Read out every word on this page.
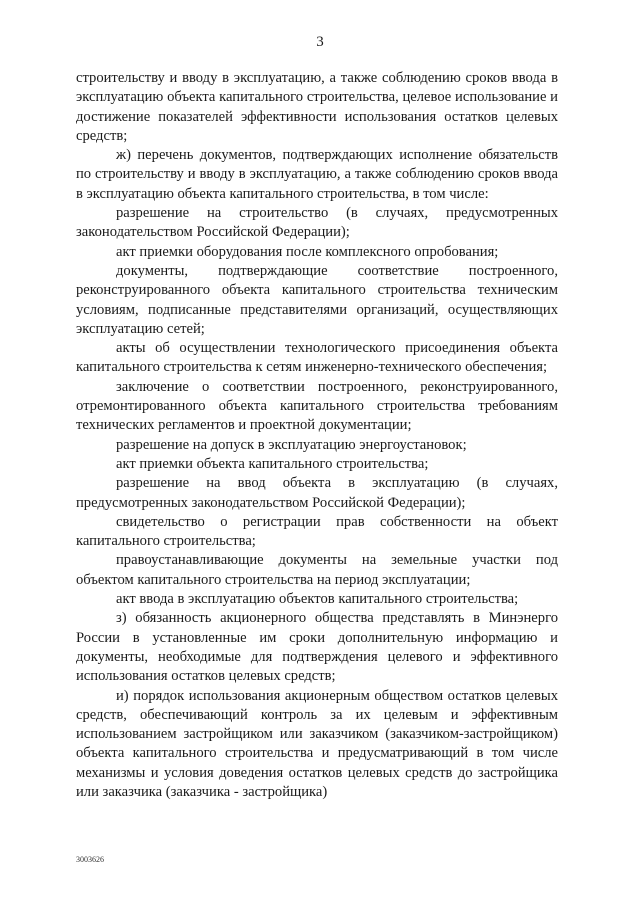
3

строительству и вводу в эксплуатацию, а также соблюдению сроков ввода в эксплуатацию объекта капитального строительства, целевое использование и достижение показателей эффективности использования остатков целевых средств;

ж) перечень документов, подтверждающих исполнение обязательств по строительству и вводу в эксплуатацию, а также соблюдению сроков ввода в эксплуатацию объекта капитального строительства, в том числе:

разрешение на строительство (в случаях, предусмотренных законодательством Российской Федерации);

акт приемки оборудования после комплексного опробования;

документы, подтверждающие соответствие построенного, реконструированного объекта капитального строительства техническим условиям, подписанные представителями организаций, осуществляющих эксплуатацию сетей;

акты об осуществлении технологического присоединения объекта капитального строительства к сетям инженерно-технического обеспечения;

заключение о соответствии построенного, реконструированного, отремонтированного объекта капитального строительства требованиям технических регламентов и проектной документации;

разрешение на допуск в эксплуатацию энергоустановок;

акт приемки объекта капитального строительства;

разрешение на ввод объекта в эксплуатацию (в случаях, предусмотренных законодательством Российской Федерации);

свидетельство о регистрации прав собственности на объект капитального строительства;

правоустанавливающие документы на земельные участки под объектом капитального строительства на период эксплуатации;

акт ввода в эксплуатацию объектов капитального строительства;

з) обязанность акционерного общества представлять в Минэнерго России в установленные им сроки дополнительную информацию и документы, необходимые для подтверждения целевого и эффективного использования остатков целевых средств;

и) порядок использования акционерным обществом остатков целевых средств, обеспечивающий контроль за их целевым и эффективным использованием застройщиком или заказчиком (заказчиком-застройщиком) объекта капитального строительства и предусматривающий в том числе механизмы и условия доведения остатков целевых средств до застройщика или заказчика (заказчика - застройщика)

3003626
